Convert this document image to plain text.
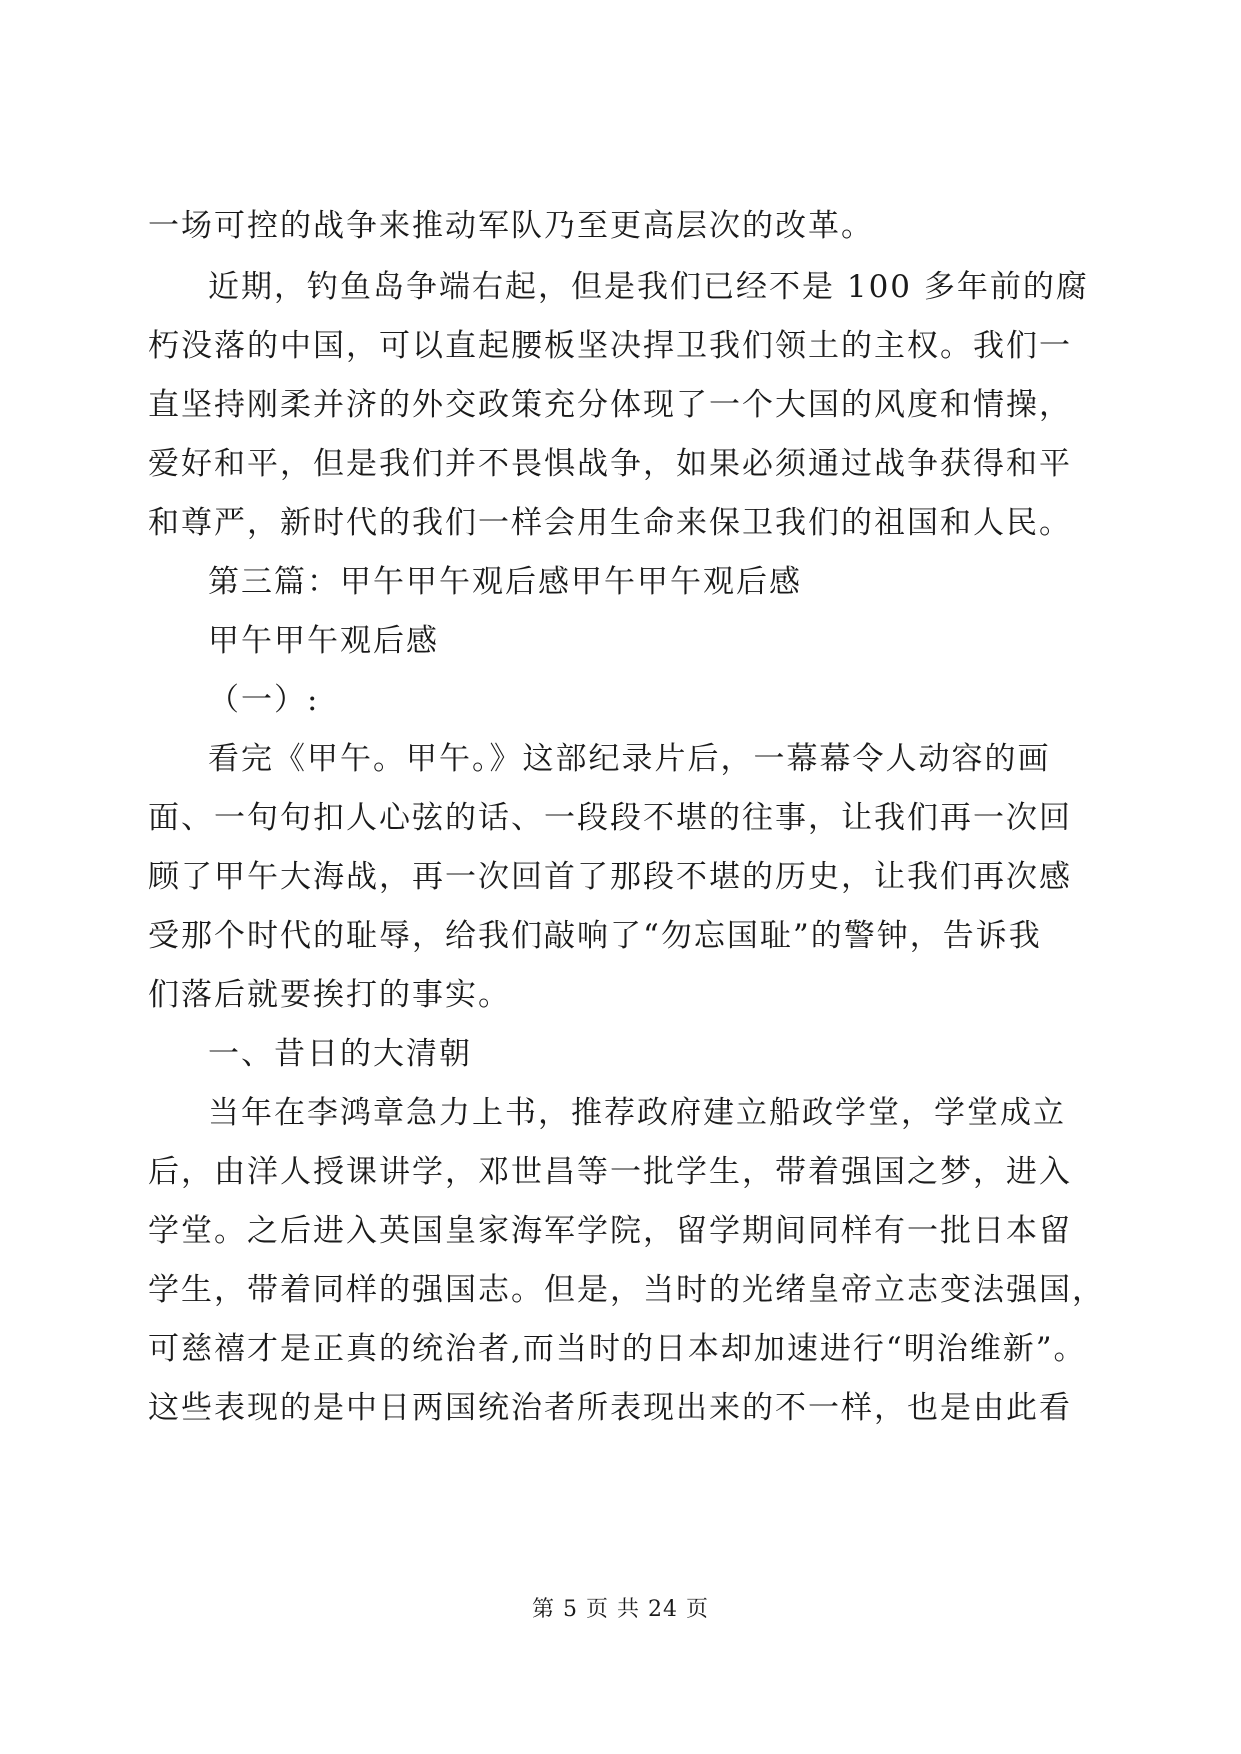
一场可控的战争来推动军队乃至更高层次的改革。
近期，钓鱼岛争端右起，但是我们已经不是 100 多年前的腐
朽没落的中国，可以直起腰板坚决捍卫我们领土的主权。我们一
直坚持刚柔并济的外交政策充分体现了一个大国的风度和情操，
爱好和平，但是我们并不畏惧战争，如果必须通过战争获得和平
和尊严，新时代的我们一样会用生命来保卫我们的祖国和人民。
第三篇：甲午甲午观后感甲午甲午观后感
甲午甲午观后感
（一）:
看完《甲午。甲午。》这部纪录片后，一幕幕令人动容的画
面、一句句扣人心弦的话、一段段不堪的往事，让我们再一次回
顾了甲午大海战，再一次回首了那段不堪的历史，让我们再次感
受那个时代的耻辱，给我们敲响了“勿忘国耻”的警钟，告诉我
们落后就要挨打的事实。
一、昔日的大清朝
当年在李鸿章急力上书，推荐政府建立船政学堂，学堂成立
后，由洋人授课讲学，邓世昌等一批学生，带着强国之梦，进入
学堂。之后进入英国皇家海军学院，留学期间同样有一批日本留
学生，带着同样的强国志。但是，当时的光绪皇帝立志变法强国，
可慈禧才是正真的统治者,而当时的日本却加速进行“明治维新”。
这些表现的是中日两国统治者所表现出来的不一样，也是由此看
第 5 页 共 24 页
